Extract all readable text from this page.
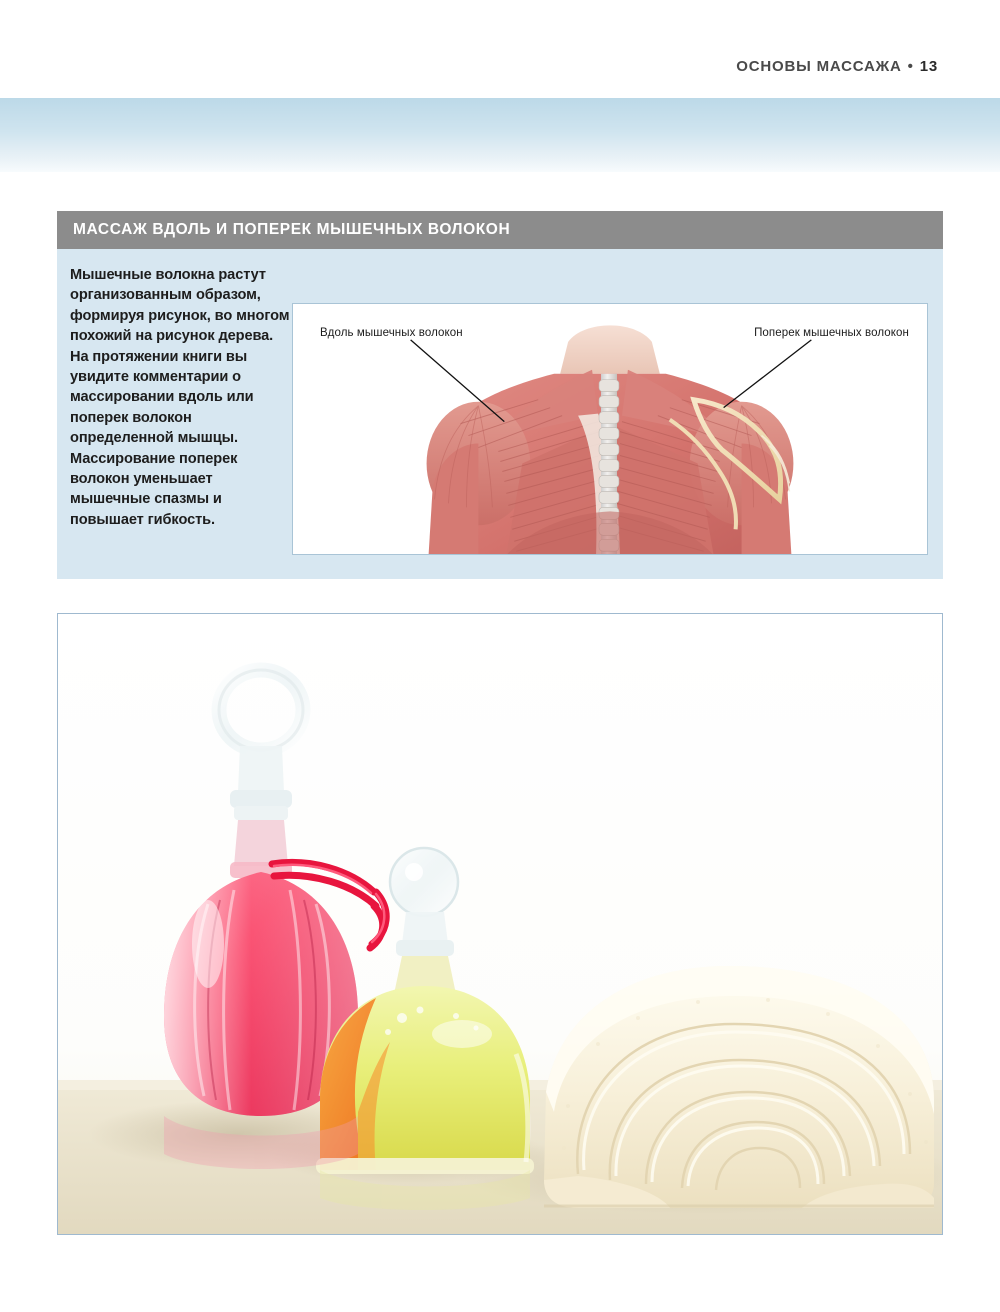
ОСНОВЫ МАССАЖА • 13
МАССАЖ ВДОЛЬ И ПОПЕРЕК МЫШЕЧНЫХ ВОЛОКОН
Мышечные волокна растут организованным образом, формируя рисунок, во многом похожий на рисунок дерева. На протяжении книги вы увидите комментарии о массировании вдоль или поперек волокон определенной мышцы. Массирование поперек волокон уменьшает мышечные спазмы и повышает гибкость.
Вдоль мышечных волокон	Поперек мышечных волокон
